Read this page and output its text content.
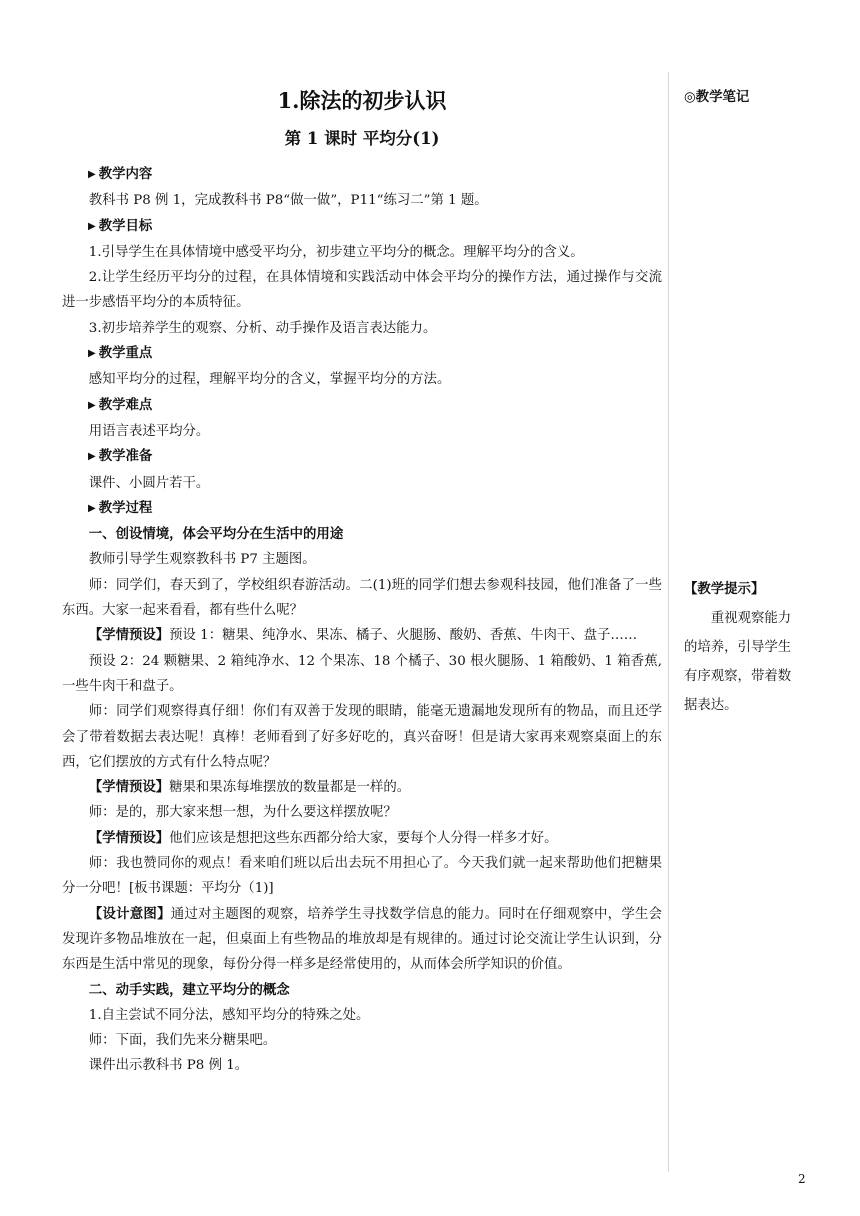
1.除法的初步认识
第 1 课时 平均分(1)
▶ 教学内容

教科书 P8 例 1，完成教科书 P8“做一做”，P11“练习二”第 1 题。

▶ 教学目标

1.引导学生在具体情境中感受平均分，初步建立平均分的概念。理解平均分的含义。

2.让学生经历平均分的过程，在具体情境和实践活动中体会平均分的操作方法，通过操作与交流进一步感悟平均分的本质特征。

3.初步培养学生的观察、分析、动手操作及语言表达能力。

▶ 教学重点

感知平均分的过程，理解平均分的含义，掌握平均分的方法。

▶ 教学难点

用语言表述平均分。

▶ 教学准备

课件、小圆片若干。

▶ 教学过程
一、创设情境，体会平均分在生活中的用途

教师引导学生观察教科书 P7 主题图。

师：同学们，春天到了，学校组织春游活动。二(1)班的同学们想去参观科技园，他们准备了一些东西。大家一起来看看，都有些什么呢？

【学情预设】预设 1：糖果、纯净水、果冻、橘子、火腿肠、酸奶、香蕉、牛肉干、盘子……

预设 2：24 颗糖果、2 箱纯净水、12 个果冻、18 个橘子、30 根火腿肠、1 箱酸奶、1 箱香蕉,一些牛肉干和盘子。

师：同学们观察得真仔细！你们有双善于发现的眼睛，能毫无遗漏地发现所有的物品，而且还学会了带着数据去表达呢！真棒！老师看到了好多好吃的，真兴奋呀！但是请大家再来观察桌面上的东西，它们摆放的方式有什么特点呢？

【学情预设】糖果和果冻每堆摆放的数量都是一样的。

师：是的，那大家来想一想，为什么要这样摆放呢？

【学情预设】他们应该是想把这些东西都分给大家，要每个人分得一样多才好。

师：我也赞同你的观点！看来咱们班以后出去玩不用担心了。今天我们就一起来帮助他们把糖果分一分吧！[板书课题：平均分（1)]

【设计意图】通过对主题图的观察，培养学生寻找数学信息的能力。同时在仔细观察中，学生会发现许多物品堆放在一起，但桌面上有些物品的堆放却是有规律的。通过讨论交流让学生认识到，分东西是生活中常见的现象，每份分得一样多是经常使用的，从而体会所学知识的价值。

二、动手实践，建立平均分的概念

1.自主尝试不同分法，感知平均分的特殊之处。

师：下面，我们先来分糖果吧。

课件出示教科书 P8 例 1。

◎教学笔记
【教学提示】
重视观察能力的培养，引导学生有序观察，带着数据表达。
2
